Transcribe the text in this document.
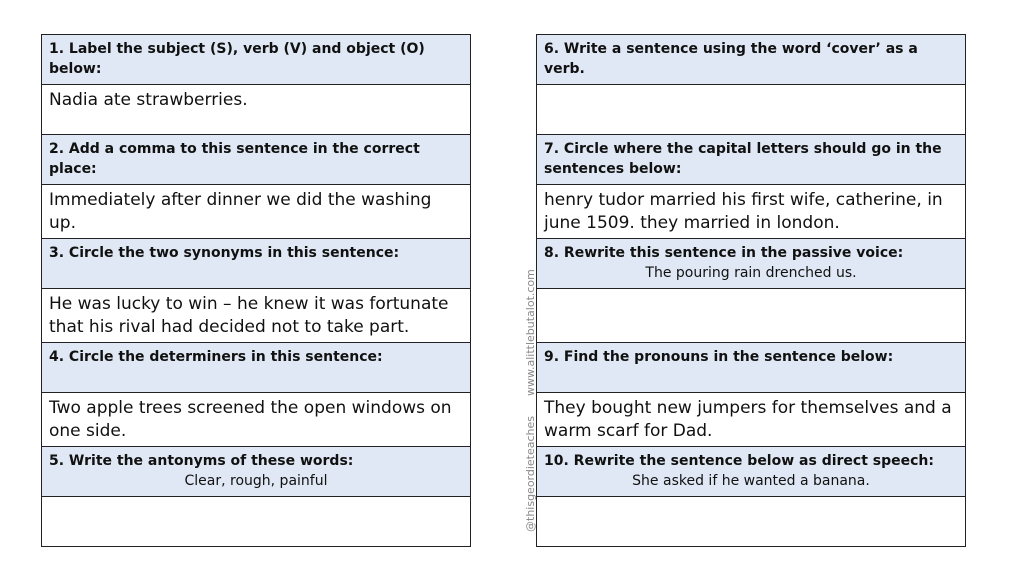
1. Label the subject (S), verb (V) and object (O) below:
Nadia ate strawberries.
2. Add a comma to this sentence in the correct place:
Immediately after dinner we did the washing up.
3. Circle the two synonyms in this sentence:
He was lucky to win – he knew it was fortunate that his rival had decided not to take part.
4. Circle the determiners in this sentence:
Two apple trees screened the open windows on one side.
5. Write the antonyms of these words:
Clear, rough, painful
6. Write a sentence using the word ‘cover’ as a verb.
7. Circle where the capital letters should go in the sentences below:
henry tudor married his first wife, catherine, in june 1509. they married in london.
8. Rewrite this sentence in the passive voice:
The pouring rain drenched us.
9. Find the pronouns in the sentence below:
They bought new jumpers for themselves and a warm scarf for Dad.
10. Rewrite the sentence below as direct speech:
She asked if he wanted a banana.
www.alittlebutalot.com
@thisgeordieteaches
